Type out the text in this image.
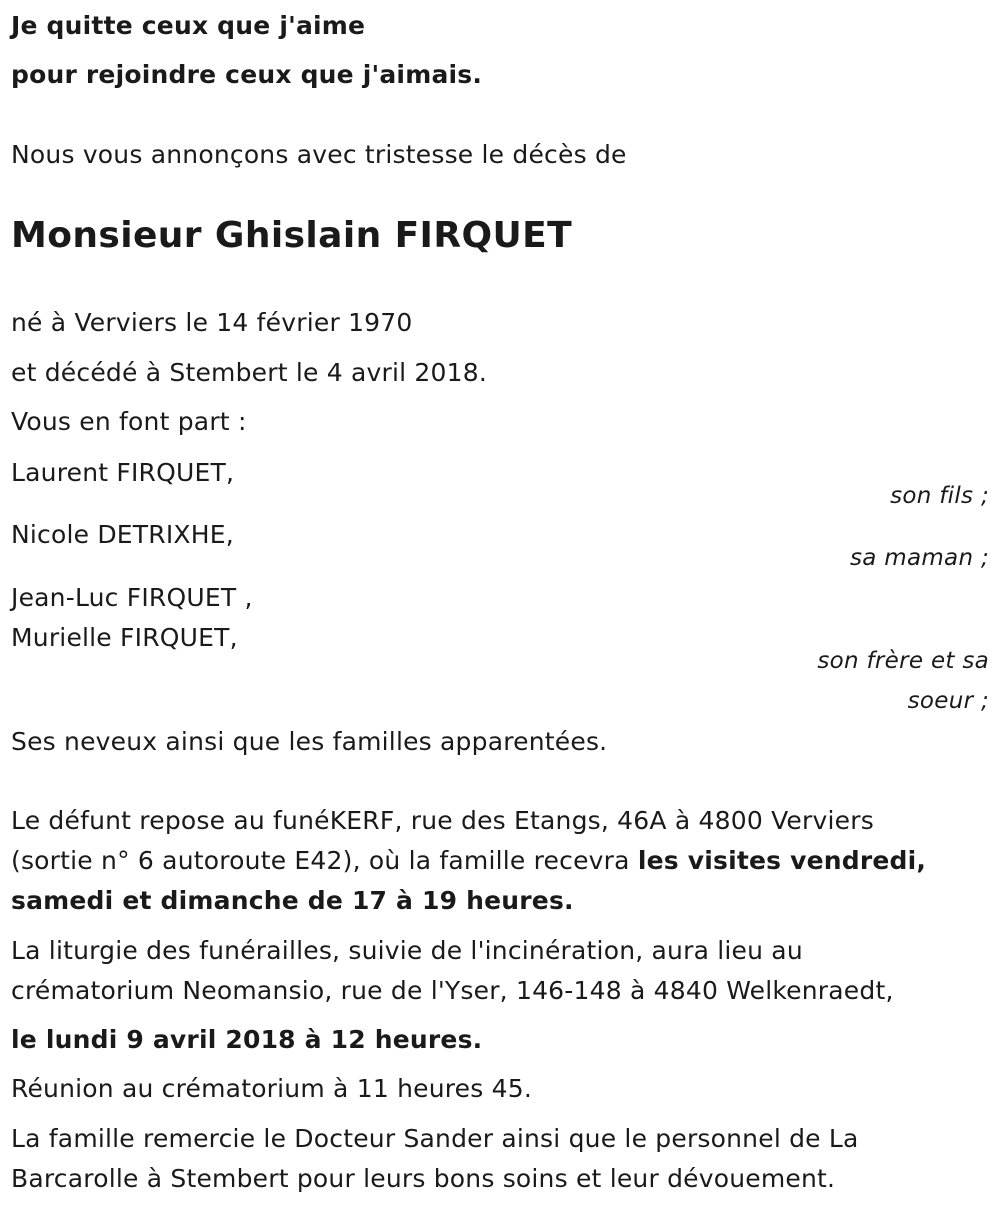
Je quitte ceux que j'aime

pour rejoindre ceux que j'aimais.

Nous vous annonçons avec tristesse le décès de

Monsieur Ghislain FIRQUET

né à Verviers le 14 février 1970

et décédé à Stembert le 4 avril 2018.

Vous en font part :

Laurent FIRQUET,

son fils ;

Nicole DETRIXHE,

sa maman ;

Jean-Luc FIRQUET ,

Murielle FIRQUET,

son frère et sa

soeur ;

Ses neveux ainsi que les familles apparentées.

Le défunt repose au funéKERF, rue des Etangs, 46A à 4800 Verviers

(sortie n° 6 autoroute E42), où la famille recevra les visites vendredi,

samedi et dimanche de 17 à 19 heures.

La liturgie des funérailles, suivie de l'incinération, aura lieu au

crématorium Neomansio, rue de l'Yser, 146-148 à 4840 Welkenraedt,

le lundi 9 avril 2018 à 12 heures.

Réunion au crématorium à 11 heures 45.

La famille remercie le Docteur Sander ainsi que le personnel de La

Barcarolle à Stembert pour leurs bons soins et leur dévouement.
